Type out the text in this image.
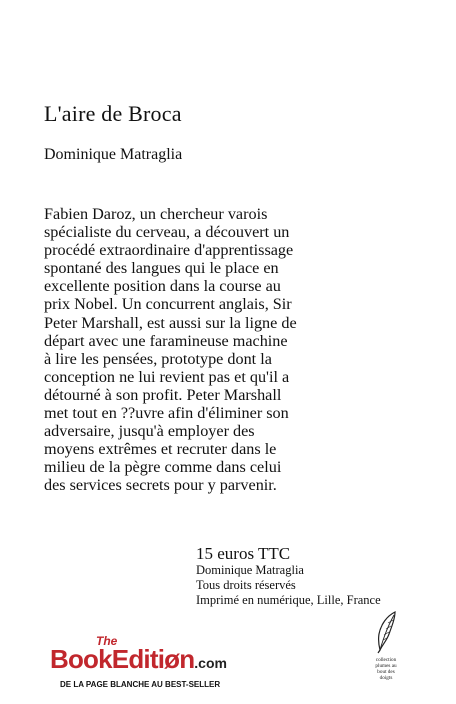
L'aire de Broca
Dominique Matraglia
Fabien Daroz, un chercheur varois
spécialiste du cerveau, a découvert un
procédé extraordinaire d'apprentissage
spontané des langues qui le place en
excellente position dans la course au
prix Nobel. Un concurrent anglais, Sir
Peter Marshall, est aussi sur la ligne de
départ avec une faramineuse machine
à lire les pensées, prototype dont la
conception ne lui revient pas et qu'il a
détourné à son profit. Peter Marshall
met tout en ??uvre afin d'éliminer son
adversaire, jusqu'à employer des
moyens extrêmes et recruter dans le
milieu de la pègre comme dans celui
des services secrets pour y parvenir.
15 euros TTC
Dominique Matraglia
Tous droits réservés
Imprimé en numérique, Lille, France
The
BookEditiøn.com
DE LA PAGE BLANCHE AU BEST-SELLER
collection
plumes au
bout des
doigts
